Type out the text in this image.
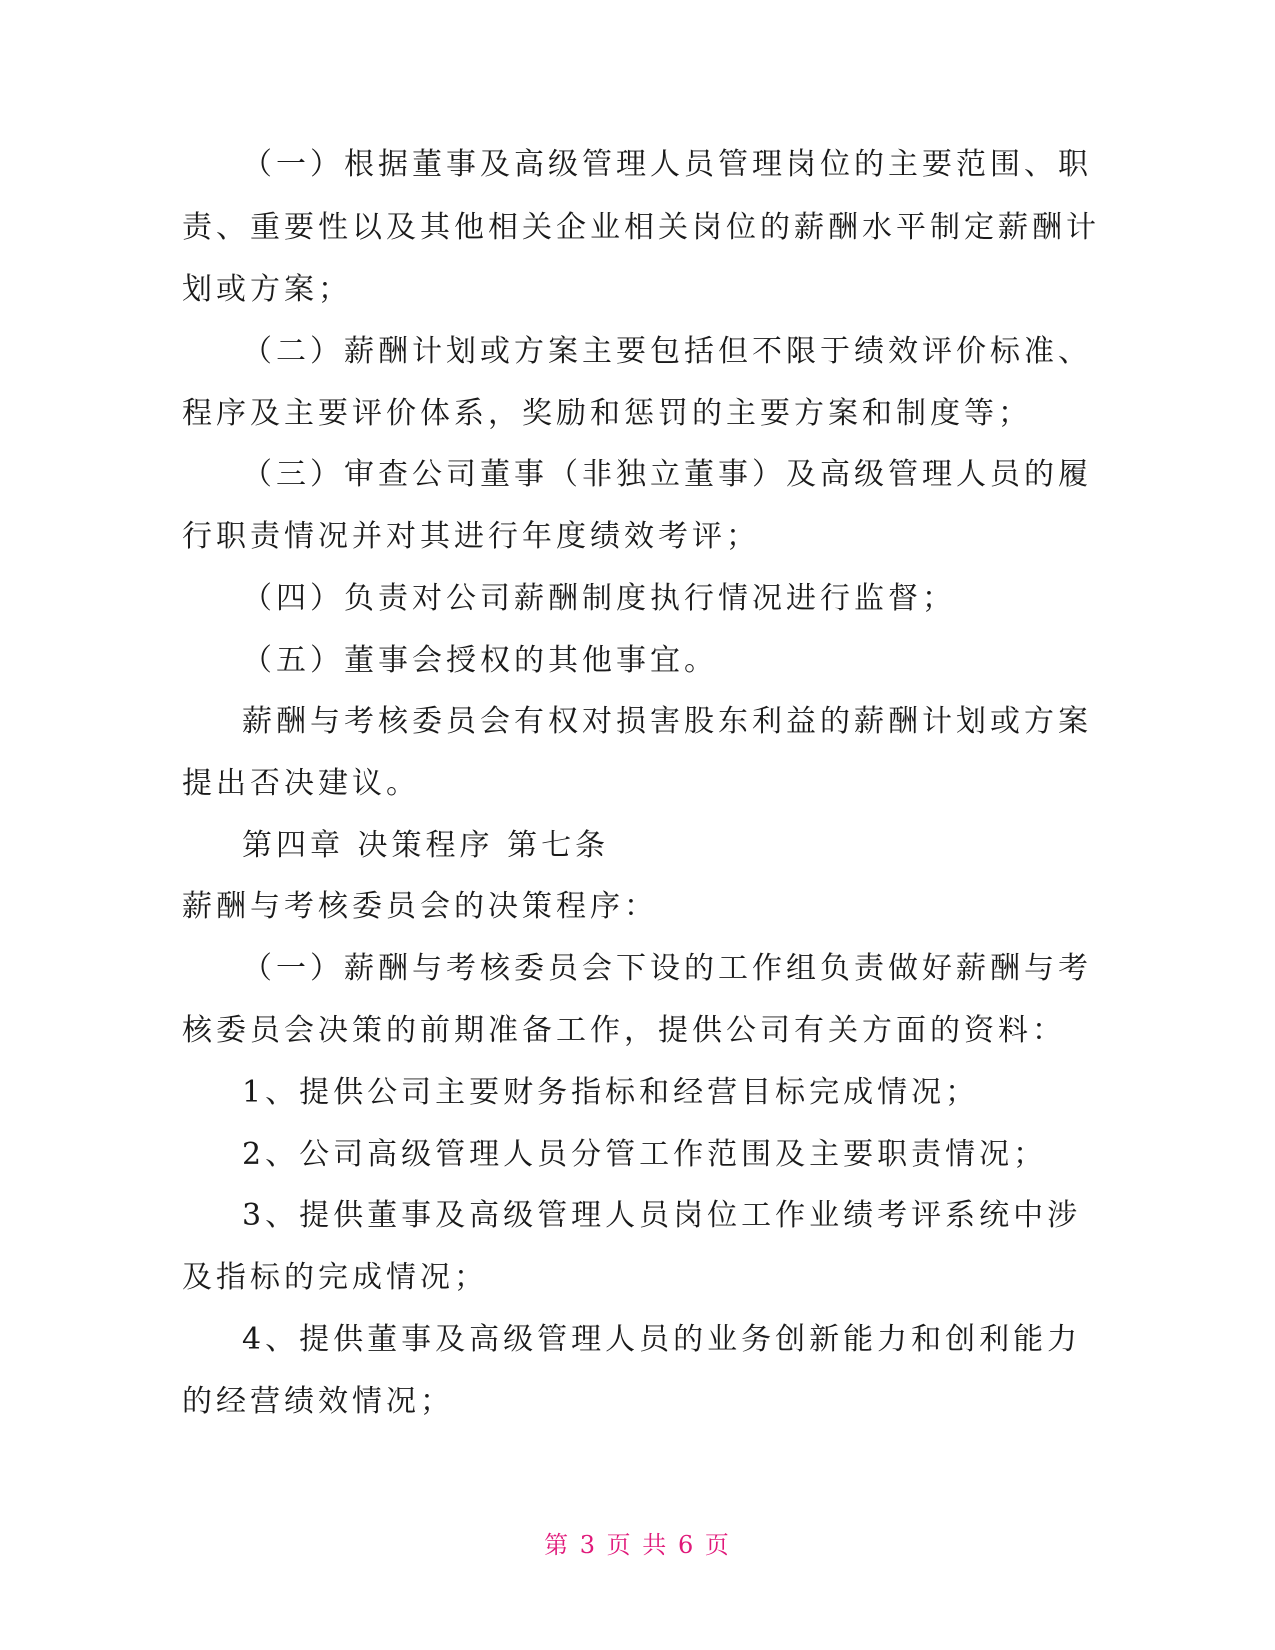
（一）根据董事及高级管理人员管理岗位的主要范围、职
责、重要性以及其他相关企业相关岗位的薪酬水平制定薪酬计
划或方案；
（二）薪酬计划或方案主要包括但不限于绩效评价标准、
程序及主要评价体系，奖励和惩罚的主要方案和制度等；
（三）审查公司董事（非独立董事）及高级管理人员的履
行职责情况并对其进行年度绩效考评；
（四）负责对公司薪酬制度执行情况进行监督；
（五）董事会授权的其他事宜。
薪酬与考核委员会有权对损害股东利益的薪酬计划或方案
提出否决建议。
第四章 决策程序 第七条
薪酬与考核委员会的决策程序：
（一）薪酬与考核委员会下设的工作组负责做好薪酬与考
核委员会决策的前期准备工作，提供公司有关方面的资料：
1、提供公司主要财务指标和经营目标完成情况；
2、公司高级管理人员分管工作范围及主要职责情况；
3、提供董事及高级管理人员岗位工作业绩考评系统中涉
及指标的完成情况；
4、提供董事及高级管理人员的业务创新能力和创利能力
的经营绩效情况；
第 3 页 共 6 页
